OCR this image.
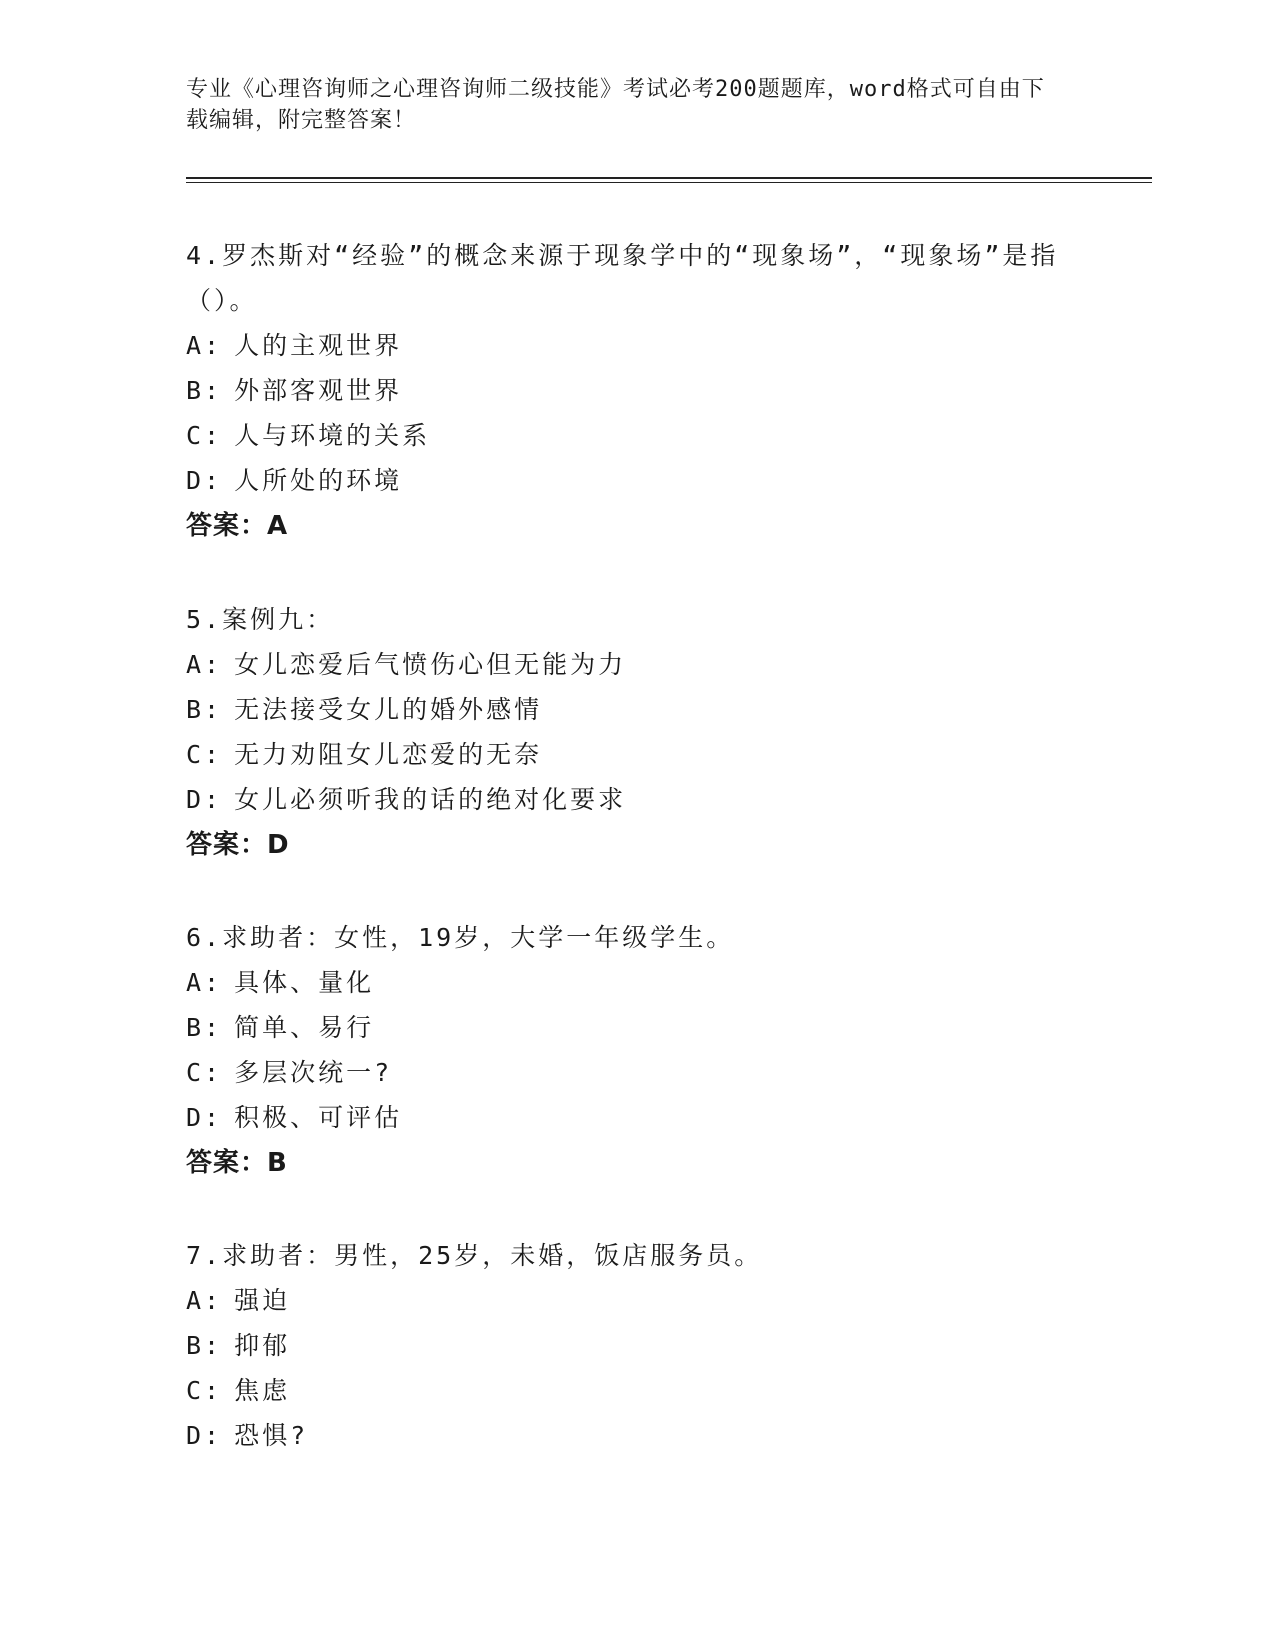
专业《心理咨询师之心理咨询师二级技能》考试必考200题题库，word格式可自由下载编辑，附完整答案！
4.罗杰斯对“经验”的概念来源于现象学中的“现象场”，“现象场”是指（）。
A: 人的主观世界
B: 外部客观世界
C: 人与环境的关系
D: 人所处的环境
答案：A
5.案例九：
A: 女儿恋爱后气愤伤心但无能为力
B: 无法接受女儿的婚外感情
C: 无力劝阻女儿恋爱的无奈
D: 女儿必须听我的话的绝对化要求
答案：D
6.求助者：女性，19岁，大学一年级学生。
A: 具体、量化
B: 简单、易行
C: 多层次统一?
D: 积极、可评估
答案：B
7.求助者：男性，25岁，未婚，饭店服务员。
A: 强迫
B: 抑郁
C: 焦虑
D: 恐惧?
